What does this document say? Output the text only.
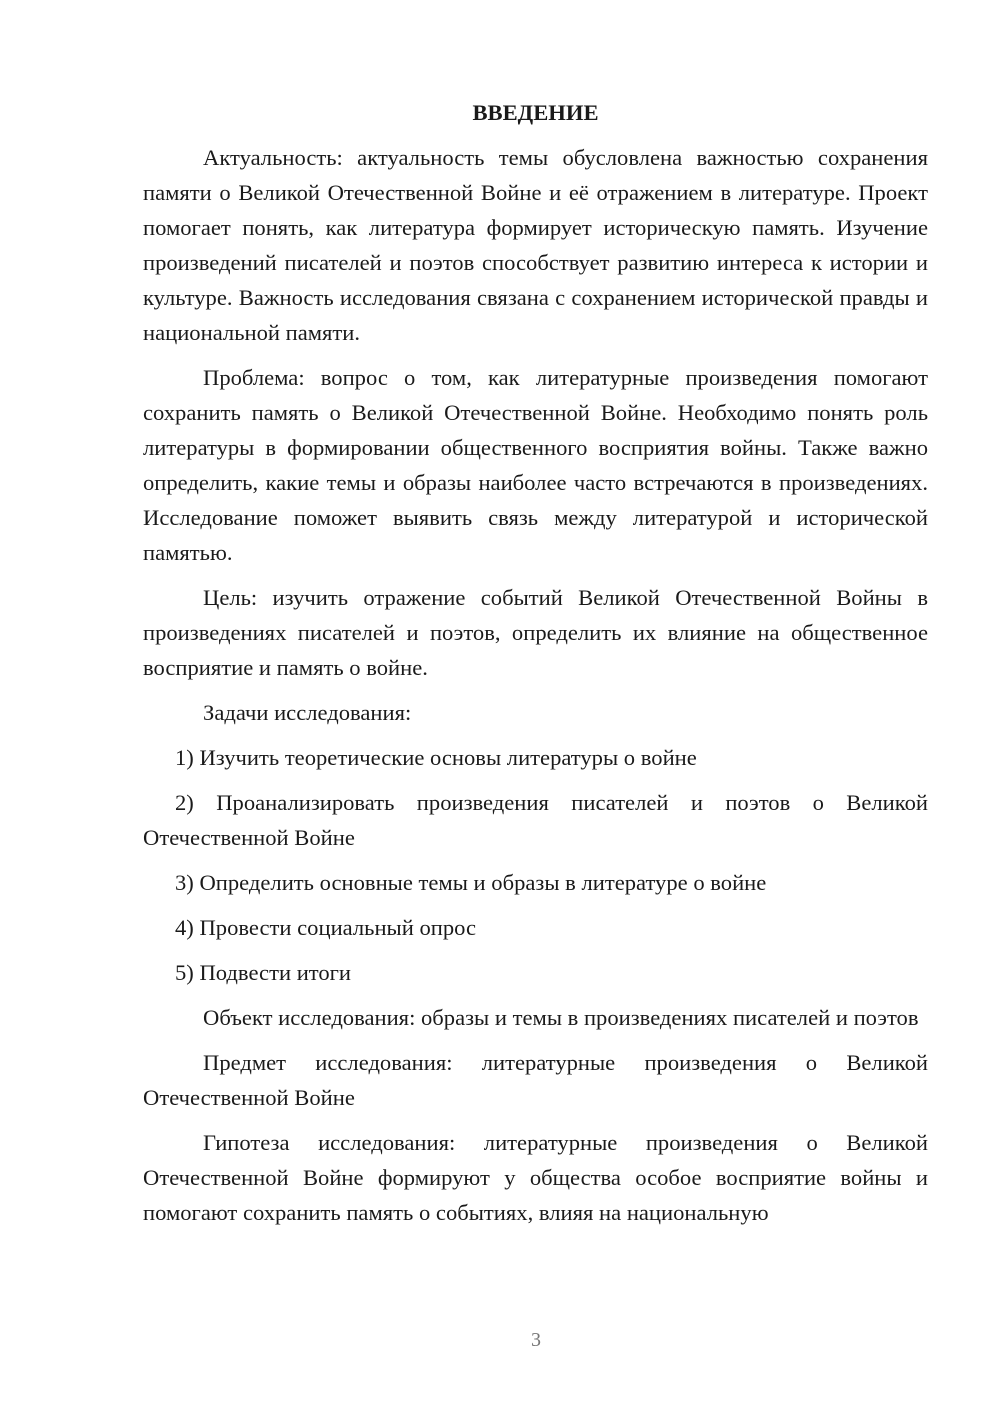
ВВЕДЕНИЕ

Актуальность: актуальность темы обусловлена важностью сохранения памяти о Великой Отечественной Войне и её отражением в литературе. Проект помогает понять, как литература формирует историческую память. Изучение произведений писателей и поэтов способствует развитию интереса к истории и культуре. Важность исследования связана с сохранением исторической правды и национальной памяти.

Проблема: вопрос о том, как литературные произведения помогают сохранить память о Великой Отечественной Войне. Необходимо понять роль литературы в формировании общественного восприятия войны. Также важно определить, какие темы и образы наиболее часто встречаются в произведениях. Исследование поможет выявить связь между литературой и исторической памятью.

Цель: изучить отражение событий Великой Отечественной Войны в произведениях писателей и поэтов, определить их влияние на общественное восприятие и память о войне.

Задачи исследования:

1) Изучить теоретические основы литературы о войне

2) Проанализировать произведения писателей и поэтов о Великой Отечественной Войне

3) Определить основные темы и образы в литературе о войне

4) Провести социальный опрос

5) Подвести итоги

Объект исследования: образы и темы в произведениях писателей и поэтов

Предмет исследования: литературные произведения о Великой Отечественной Войне

Гипотеза исследования: литературные произведения о Великой Отечественной Войне формируют у общества особое восприятие войны и помогают сохранить память о событиях, влияя на национальную

3
